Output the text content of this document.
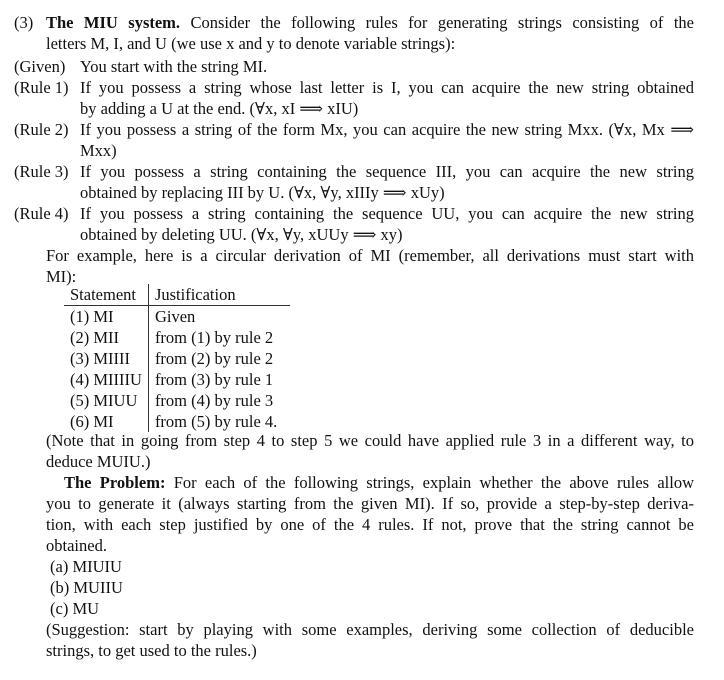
(3) The MIU system. Consider the following rules for generating strings consisting of the
letters M, I, and U (we use x and y to denote variable strings):
(Given) You start with the string MI.
(Rule 1) If you possess a string whose last letter is I, you can acquire the new string obtained
by adding a U at the end. (∀x, xI ⟹ xIU)
(Rule 2) If you possess a string of the form Mx, you can acquire the new string Mxx. (∀x, Mx ⟹
Mxx)
(Rule 3) If you possess a string containing the sequence III, you can acquire the new string
obtained by replacing III by U. (∀x, ∀y, xIIIy ⟹ xUy)
(Rule 4) If you possess a string containing the sequence UU, you can acquire the new string
obtained by deleting UU. (∀x, ∀y, xUUy ⟹ xy)
For example, here is a circular derivation of MI (remember, all derivations must start with
MI):
Statement	Justification
(1) MI	Given
(2) MII	from (1) by rule 2
(3) MIIII	from (2) by rule 2
(4) MIIIIU	from (3) by rule 1
(5) MIUU	from (4) by rule 3
(6) MI	from (5) by rule 4.
(Note that in going from step 4 to step 5 we could have applied rule 3 in a different way, to
deduce MUIU.)
The Problem: For each of the following strings, explain whether the above rules allow
you to generate it (always starting from the given MI). If so, provide a step-by-step deriva-
tion, with each step justified by one of the 4 rules. If not, prove that the string cannot be
obtained.
(a) MIUIU
(b) MUIIU
(c) MU
(Suggestion: start by playing with some examples, deriving some collection of deducible
strings, to get used to the rules.)
